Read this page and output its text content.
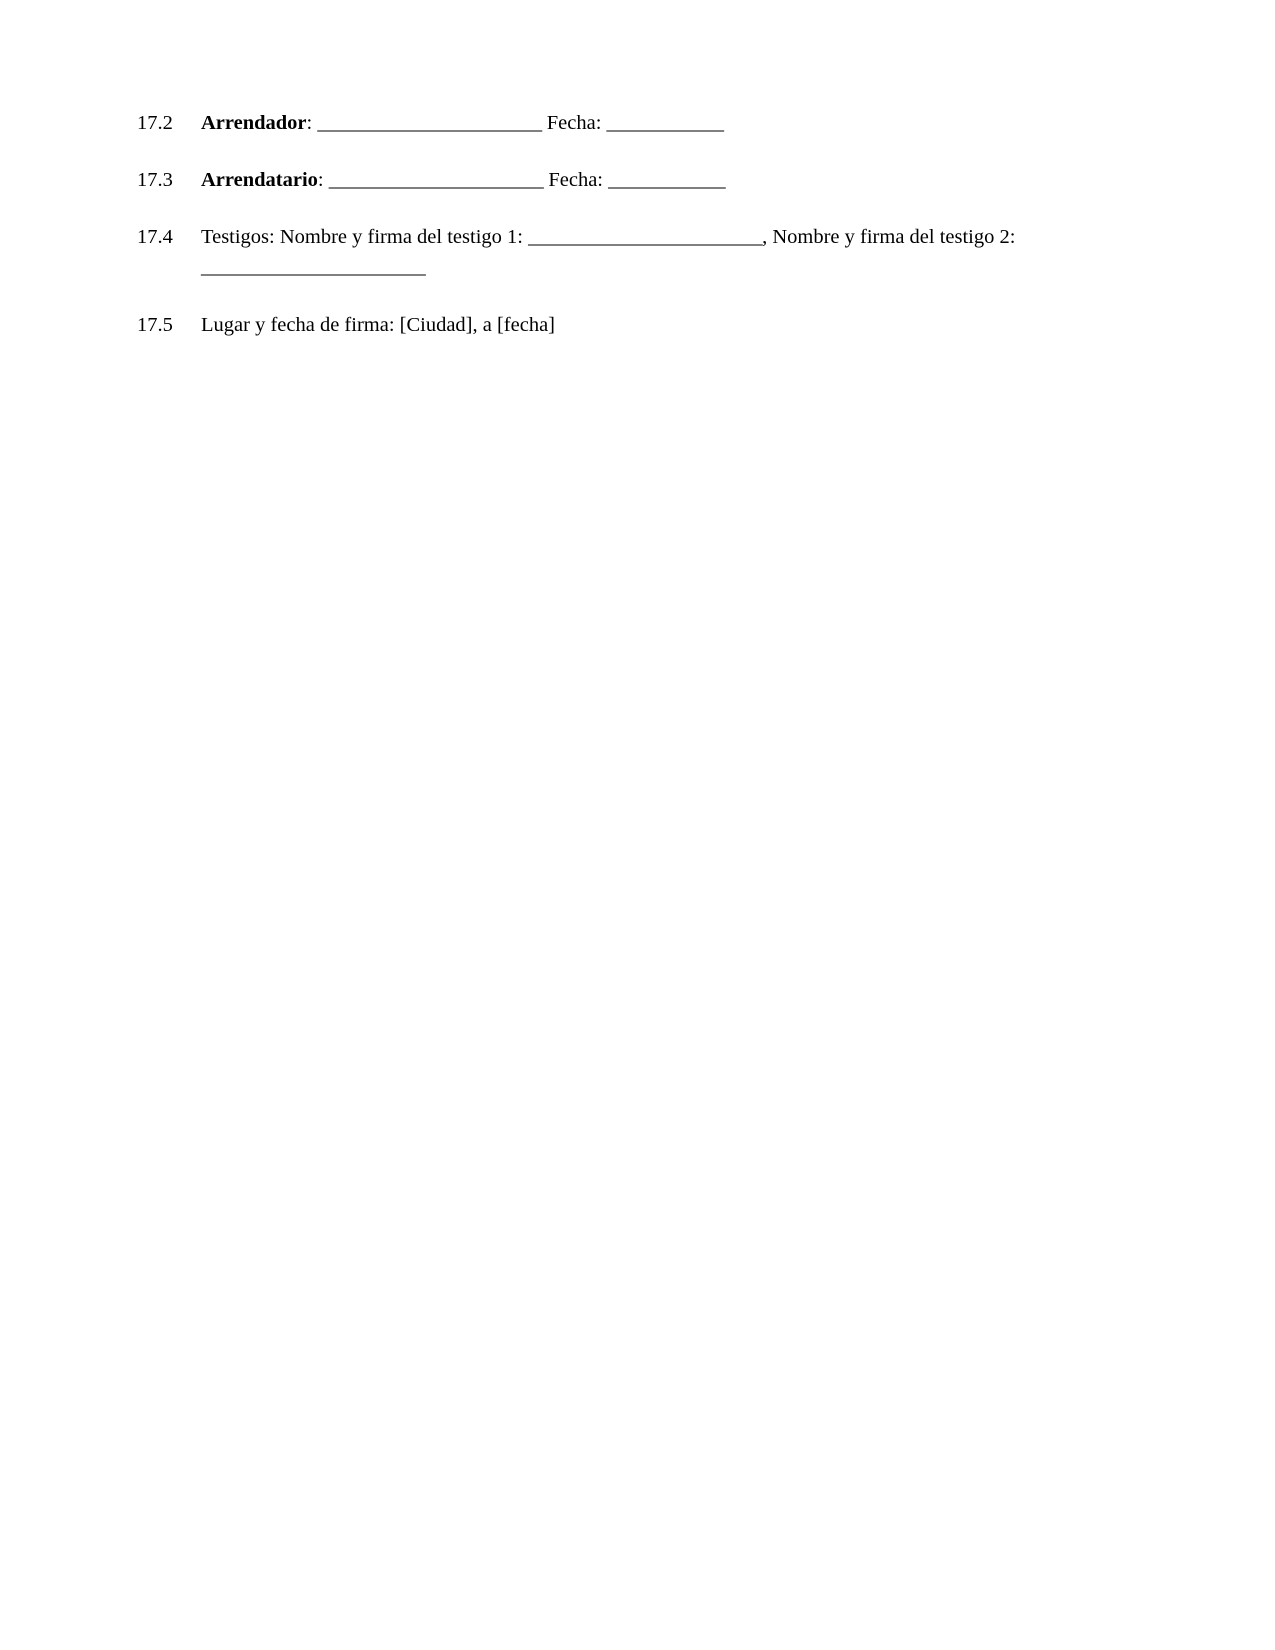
17.2	Arrendador: _______________________ Fecha: ____________
17.3	Arrendatario: ______________________ Fecha: ____________
17.4	Testigos: Nombre y firma del testigo 1: ________________________, Nombre y firma del testigo 2: _______________________
17.5	Lugar y fecha de firma: [Ciudad], a [fecha]
